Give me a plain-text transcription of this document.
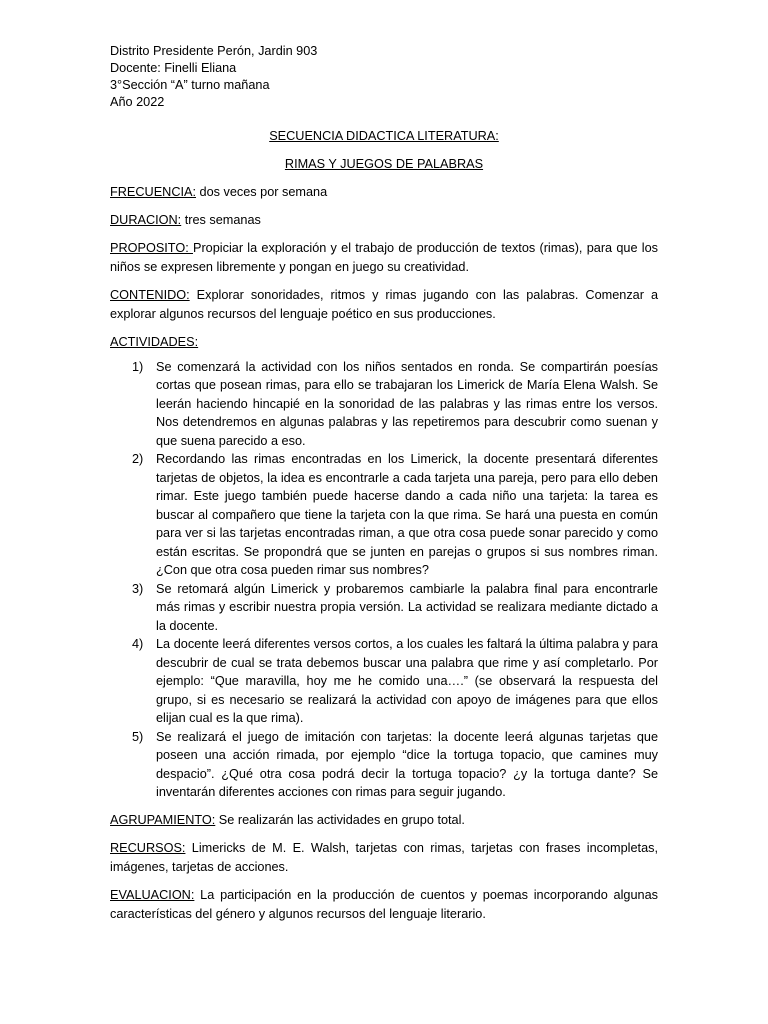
Distrito Presidente Perón, Jardin 903
Docente: Finelli Eliana
3°Sección “A” turno mañana
Año 2022

SECUENCIA DIDACTICA LITERATURA:

RIMAS Y JUEGOS DE PALABRAS

FRECUENCIA: dos veces por semana

DURACION: tres semanas

PROPOSITO: Propiciar la exploración y el trabajo de producción de textos (rimas), para que los niños se expresen libremente y pongan en juego su creatividad.

CONTENIDO: Explorar sonoridades, ritmos y rimas jugando con las palabras. Comenzar a explorar algunos recursos del lenguaje poético en sus producciones.

ACTIVIDADES:

1) Se comenzará la actividad con los niños sentados en ronda. Se compartirán poesías cortas que posean rimas, para ello se trabajaran los Limerick de María Elena Walsh. Se leerán haciendo hincapié en la sonoridad de las palabras y las rimas entre los versos. Nos detendremos en algunas palabras y las repetiremos para descubrir como suenan y que suena parecido a eso.
2) Recordando las rimas encontradas en los Limerick, la docente presentará diferentes tarjetas de objetos, la idea es encontrarle a cada tarjeta una pareja, pero para ello deben rimar. Este juego también puede hacerse dando a cada niño una tarjeta: la tarea es buscar al compañero que tiene la tarjeta con la que rima. Se hará una puesta en común para ver si las tarjetas encontradas riman, a que otra cosa puede sonar parecido y como están escritas. Se propondrá que se junten en parejas o grupos si sus nombres riman. ¿Con que otra cosa pueden rimar sus nombres?
3) Se retomará algún Limerick y probaremos cambiarle la palabra final para encontrarle más rimas y escribir nuestra propia versión. La actividad se realizara mediante dictado a la docente.
4) La docente leerá diferentes versos cortos, a los cuales les faltará la última palabra y para descubrir de cual se trata debemos buscar una palabra que rime y así completarlo. Por ejemplo: “Que maravilla, hoy me he comido una….” (se observará la respuesta del grupo, si es necesario se realizará la actividad con apoyo de imágenes para que ellos elijan cual es la que rima).
5) Se realizará el juego de imitación con tarjetas: la docente leerá algunas tarjetas que poseen una acción rimada, por ejemplo “dice la tortuga topacio, que camines muy despacio”. ¿Qué otra cosa podrá decir la tortuga topacio? ¿y la tortuga dante? Se inventarán diferentes acciones con rimas para seguir jugando.

AGRUPAMIENTO: Se realizarán las actividades en grupo total.

RECURSOS: Limericks de M. E. Walsh, tarjetas con rimas, tarjetas con frases incompletas, imágenes, tarjetas de acciones.

EVALUACION: La participación en la producción de cuentos y poemas incorporando algunas características del género y algunos recursos del lenguaje literario.
